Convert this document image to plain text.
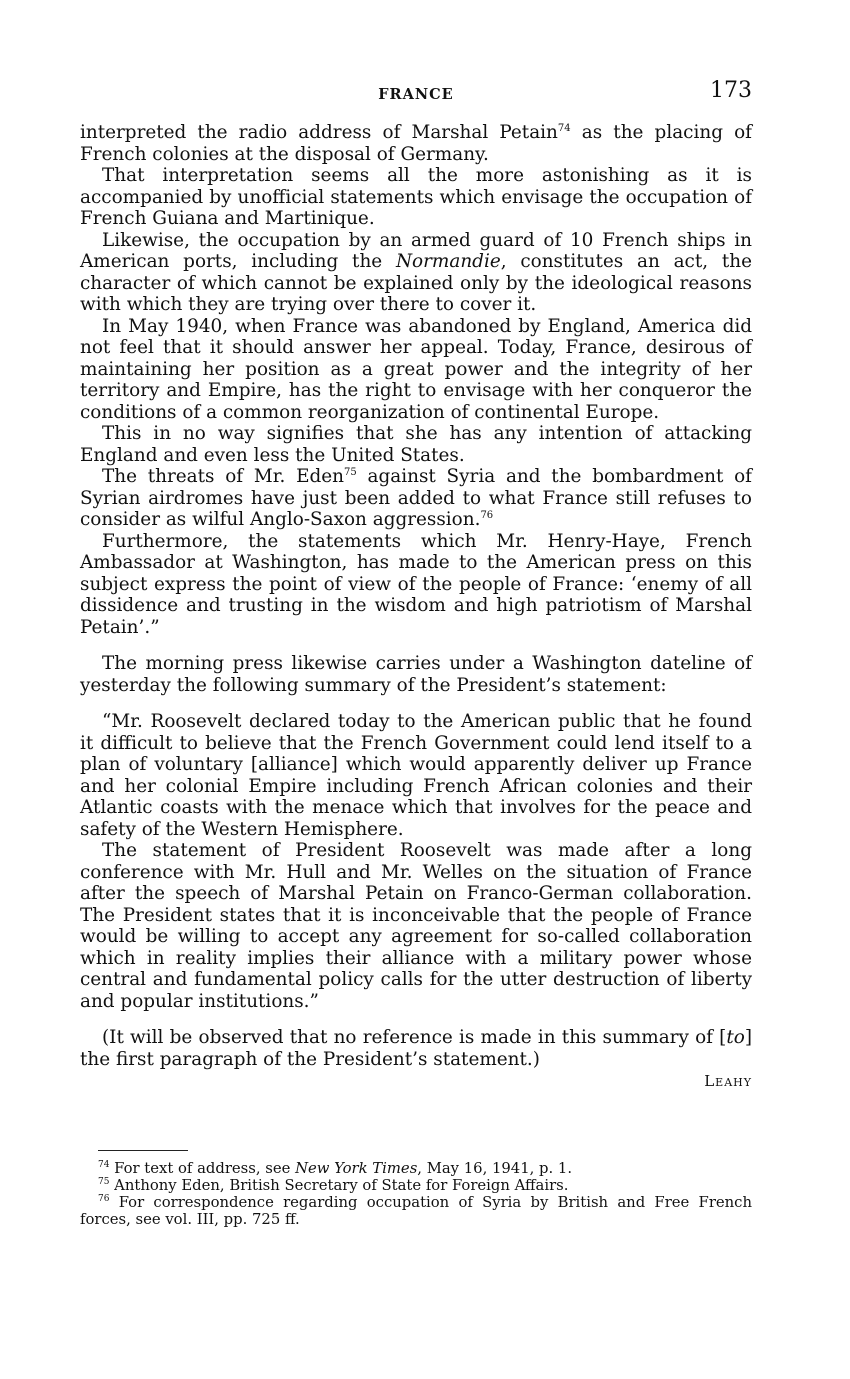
FRANCE	173

interpreted the radio address of Marshal Petain$^{74}$ as the placing of French colonies at the disposal of Germany.

That interpretation seems all the more astonishing as it is accompanied by unofficial statements which envisage the occupation of French Guiana and Martinique.

Likewise, the occupation by an armed guard of 10 French ships in American ports, including the Normandie, constitutes an act, the character of which cannot be explained only by the ideological reasons with which they are trying over there to cover it.

In May 1940, when France was abandoned by England, America did not feel that it should answer her appeal. Today, France, desirous of maintaining her position as a great power and the integrity of her territory and Empire, has the right to envisage with her conqueror the conditions of a common reorganization of continental Europe.

This in no way signifies that she has any intention of attacking England and even less the United States.

The threats of Mr. Eden$^{75}$ against Syria and the bombardment of Syrian airdromes have just been added to what France still refuses to consider as wilful Anglo-Saxon aggression.$^{76}$

Furthermore, the statements which Mr. Henry-Haye, French Ambassador at Washington, has made to the American press on this subject express the point of view of the people of France: ‘enemy of all dissidence and trusting in the wisdom and high patriotism of Marshal Petain’.”

The morning press likewise carries under a Washington dateline of yesterday the following summary of the President’s statement:

“Mr. Roosevelt declared today to the American public that he found it difficult to believe that the French Government could lend itself to a plan of voluntary [alliance] which would apparently deliver up France and her colonial Empire including French African colonies and their Atlantic coasts with the menace which that involves for the peace and safety of the Western Hemisphere.

The statement of President Roosevelt was made after a long conference with Mr. Hull and Mr. Welles on the situation of France after the speech of Marshal Petain on Franco-German collaboration. The President states that it is inconceivable that the people of France would be willing to accept any agreement for so-called collaboration which in reality implies their alliance with a military power whose central and fundamental policy calls for the utter destruction of liberty and popular institutions.”

(It will be observed that no reference is made in this summary of [to] the first paragraph of the President’s statement.)

Leahy

$^{74}$ For text of address, see New York Times, May 16, 1941, p. 1.

$^{75}$ Anthony Eden, British Secretary of State for Foreign Affairs.

$^{76}$ For correspondence regarding occupation of Syria by British and Free French forces, see vol. III, pp. 725 ff.
